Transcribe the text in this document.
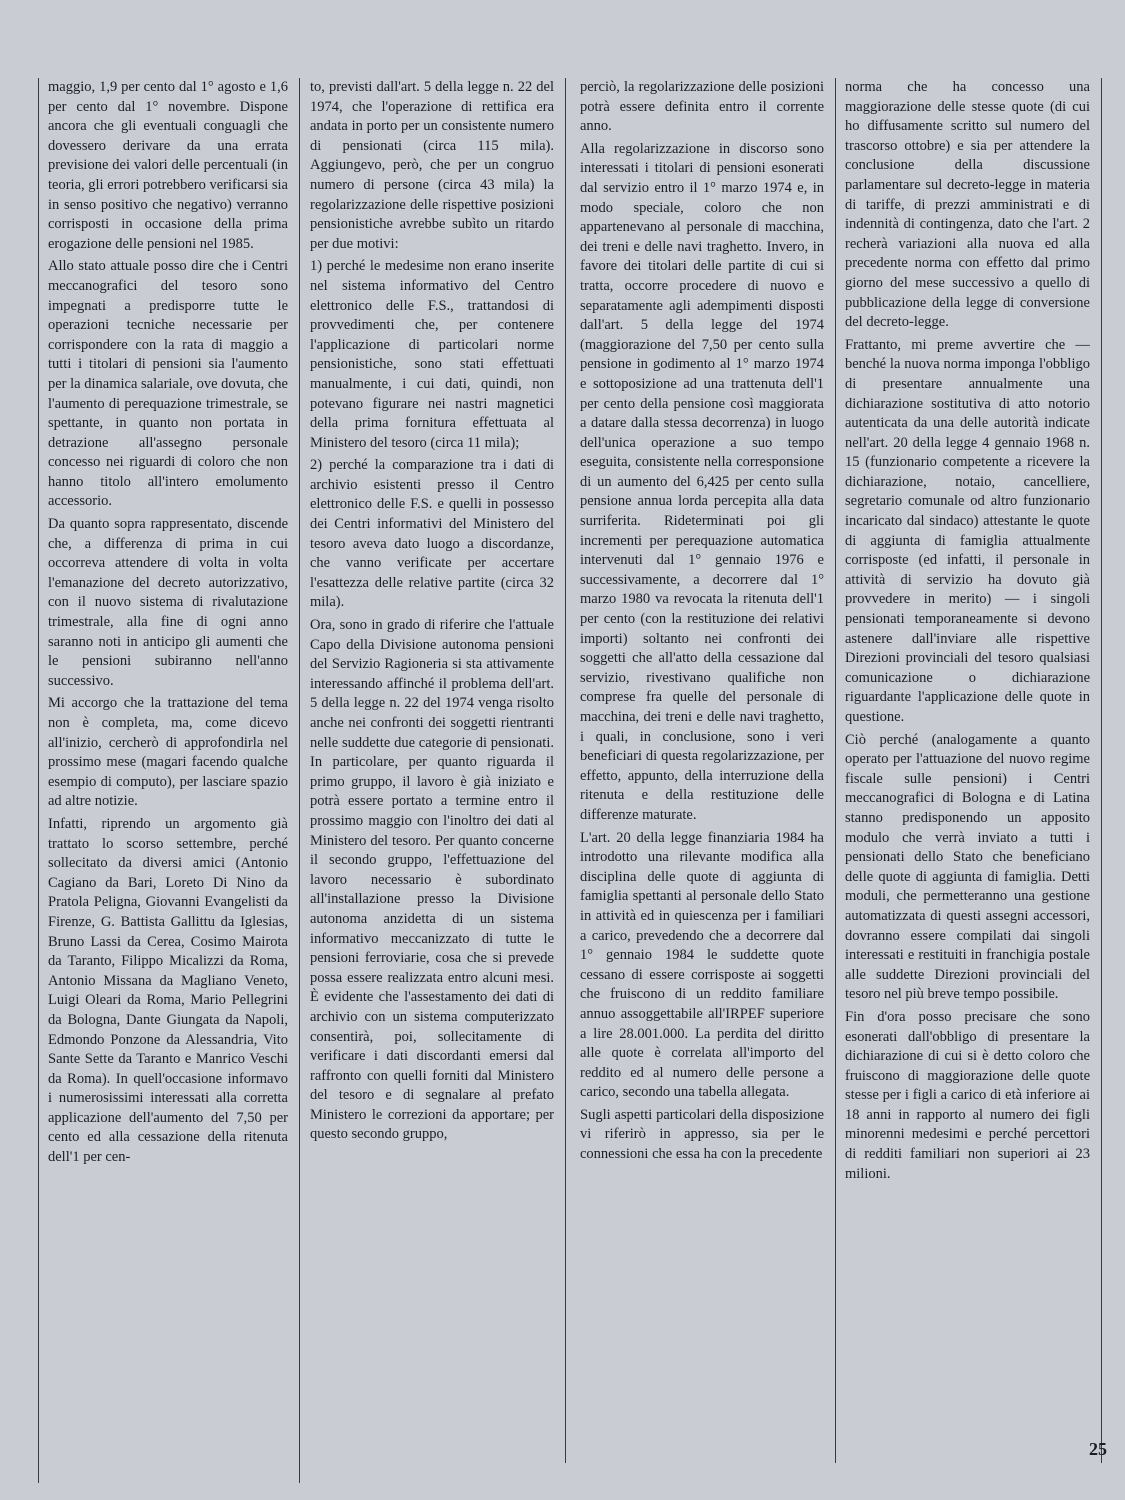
maggio, 1,9 per cento dal 1° agosto e 1,6 per cento dal 1° novembre. Dispone ancora che gli eventuali conguagli che dovessero derivare da una errata previsione dei valori delle percentuali (in teoria, gli errori potrebbero verificarsi sia in senso positivo che negativo) verranno corrisposti in occasione della prima erogazione delle pensioni nel 1985.

Allo stato attuale posso dire che i Centri meccanografici del tesoro sono impegnati a predisporre tutte le operazioni tecniche necessarie per corrispondere con la rata di maggio a tutti i titolari di pensioni sia l'aumento per la dinamica salariale, ove dovuta, che l'aumento di perequazione trimestrale, se spettante, in quanto non portata in detrazione all'assegno personale concesso nei riguardi di coloro che non hanno titolo all'intero emolumento accessorio.

Da quanto sopra rappresentato, discende che, a differenza di prima in cui occorreva attendere di volta in volta l'emanazione del decreto autorizzativo, con il nuovo sistema di rivalutazione trimestrale, alla fine di ogni anno saranno noti in anticipo gli aumenti che le pensioni subiranno nell'anno successivo.

Mi accorgo che la trattazione del tema non è completa, ma, come dicevo all'inizio, cercherò di approfondirla nel prossimo mese (magari facendo qualche esempio di computo), per lasciare spazio ad altre notizie.

Infatti, riprendo un argomento già trattato lo scorso settembre, perché sollecitato da diversi amici (Antonio Cagiano da Bari, Loreto Di Nino da Pratola Peligna, Giovanni Evangelisti da Firenze, G. Battista Gallittu da Iglesias, Bruno Lassi da Cerea, Cosimo Mairota da Taranto, Filippo Micalizzi da Roma, Antonio Missana da Magliano Veneto, Luigi Oleari da Roma, Mario Pellegrini da Bologna, Dante Giungata da Napoli, Edmondo Ponzone da Alessandria, Vito Sante Sette da Taranto e Manrico Veschi da Roma). In quell'occasione informavo i numerosissimi interessati alla corretta applicazione dell'aumento del 7,50 per cento ed alla cessazione della ritenuta dell'1 per cen-

to, previsti dall'art. 5 della legge n. 22 del 1974, che l'operazione di rettifica era andata in porto per un consistente numero di pensionati (circa 115 mila). Aggiungevo, però, che per un congruo numero di persone (circa 43 mila) la regolarizzazione delle rispettive posizioni pensionistiche avrebbe subìto un ritardo per due motivi:

1) perché le medesime non erano inserite nel sistema informativo del Centro elettronico delle F.S., trattandosi di provvedimenti che, per contenere l'applicazione di particolari norme pensionistiche, sono stati effettuati manualmente, i cui dati, quindi, non potevano figurare nei nastri magnetici della prima fornitura effettuata al Ministero del tesoro (circa 11 mila);

2) perché la comparazione tra i dati di archivio esistenti presso il Centro elettronico delle F.S. e quelli in possesso dei Centri informativi del Ministero del tesoro aveva dato luogo a discordanze, che vanno verificate per accertare l'esattezza delle relative partite (circa 32 mila).

Ora, sono in grado di riferire che l'attuale Capo della Divisione autonoma pensioni del Servizio Ragioneria si sta attivamente interessando affinché il problema dell'art. 5 della legge n. 22 del 1974 venga risolto anche nei confronti dei soggetti rientranti nelle suddette due categorie di pensionati. In particolare, per quanto riguarda il primo gruppo, il lavoro è già iniziato e potrà essere portato a termine entro il prossimo maggio con l'inoltro dei dati al Ministero del tesoro. Per quanto concerne il secondo gruppo, l'effettuazione del lavoro necessario è subordinato all'installazione presso la Divisione autonoma anzidetta di un sistema informativo meccanizzato di tutte le pensioni ferroviarie, cosa che si prevede possa essere realizzata entro alcuni mesi. È evidente che l'assestamento dei dati di archivio con un sistema computerizzato consentirà, poi, sollecitamente di verificare i dati discordanti emersi dal raffronto con quelli forniti dal Ministero del tesoro e di segnalare al prefato Ministero le correzioni da apportare; per questo secondo gruppo,

perciò, la regolarizzazione delle posizioni potrà essere definita entro il corrente anno.

Alla regolarizzazione in discorso sono interessati i titolari di pensioni esonerati dal servizio entro il 1° marzo 1974 e, in modo speciale, coloro che non appartenevano al personale di macchina, dei treni e delle navi traghetto. Invero, in favore dei titolari delle partite di cui si tratta, occorre procedere di nuovo e separatamente agli adempimenti disposti dall'art. 5 della legge del 1974 (maggiorazione del 7,50 per cento sulla pensione in godimento al 1° marzo 1974 e sottoposizione ad una trattenuta dell'1 per cento della pensione così maggiorata a datare dalla stessa decorrenza) in luogo dell'unica operazione a suo tempo eseguita, consistente nella corresponsione di un aumento del 6,425 per cento sulla pensione annua lorda percepita alla data surriferita. Rideterminati poi gli incrementi per perequazione automatica intervenuti dal 1° gennaio 1976 e successivamente, a decorrere dal 1° marzo 1980 va revocata la ritenuta dell'1 per cento (con la restituzione dei relativi importi) soltanto nei confronti dei soggetti che all'atto della cessazione dal servizio, rivestivano qualifiche non comprese fra quelle del personale di macchina, dei treni e delle navi traghetto, i quali, in conclusione, sono i veri beneficiari di questa regolarizzazione, per effetto, appunto, della interruzione della ritenuta e della restituzione delle differenze maturate.

L'art. 20 della legge finanziaria 1984 ha introdotto una rilevante modifica alla disciplina delle quote di aggiunta di famiglia spettanti al personale dello Stato in attività ed in quiescenza per i familiari a carico, prevedendo che a decorrere dal 1° gennaio 1984 le suddette quote cessano di essere corrisposte ai soggetti che fruiscono di un reddito familiare annuo assoggettabile all'IRPEF superiore a lire 28.001.000. La perdita del diritto alle quote è correlata all'importo del reddito ed al numero delle persone a carico, secondo una tabella allegata.

Sugli aspetti particolari della disposizione vi riferirò in appresso, sia per le connessioni che essa ha con la precedente

norma che ha concesso una maggiorazione delle stesse quote (di cui ho diffusamente scritto sul numero del trascorso ottobre) e sia per attendere la conclusione della discussione parlamentare sul decreto-legge in materia di tariffe, di prezzi amministrati e di indennità di contingenza, dato che l'art. 2 recherà variazioni alla nuova ed alla precedente norma con effetto dal primo giorno del mese successivo a quello di pubblicazione della legge di conversione del decreto-legge.

Frattanto, mi preme avvertire che — benché la nuova norma imponga l'obbligo di presentare annualmente una dichiarazione sostitutiva di atto notorio autenticata da una delle autorità indicate nell'art. 20 della legge 4 gennaio 1968 n. 15 (funzionario competente a ricevere la dichiarazione, notaio, cancelliere, segretario comunale od altro funzionario incaricato dal sindaco) attestante le quote di aggiunta di famiglia attualmente corrisposte (ed infatti, il personale in attività di servizio ha dovuto già provvedere in merito) — i singoli pensionati temporaneamente si devono astenere dall'inviare alle rispettive Direzioni provinciali del tesoro qualsiasi comunicazione o dichiarazione riguardante l'applicazione delle quote in questione.

Ciò perché (analogamente a quanto operato per l'attuazione del nuovo regime fiscale sulle pensioni) i Centri meccanografici di Bologna e di Latina stanno predisponendo un apposito modulo che verrà inviato a tutti i pensionati dello Stato che beneficiano delle quote di aggiunta di famiglia. Detti moduli, che permetteranno una gestione automatizzata di questi assegni accessori, dovranno essere compilati dai singoli interessati e restituiti in franchigia postale alle suddette Direzioni provinciali del tesoro nel più breve tempo possibile.

Fin d'ora posso precisare che sono esonerati dall'obbligo di presentare la dichiarazione di cui si è detto coloro che fruiscono di maggiorazione delle quote stesse per i figli a carico di età inferiore ai 18 anni in rapporto al numero dei figli minorenni medesimi e perché percettori di redditi familiari non superiori ai 23 milioni.

25
